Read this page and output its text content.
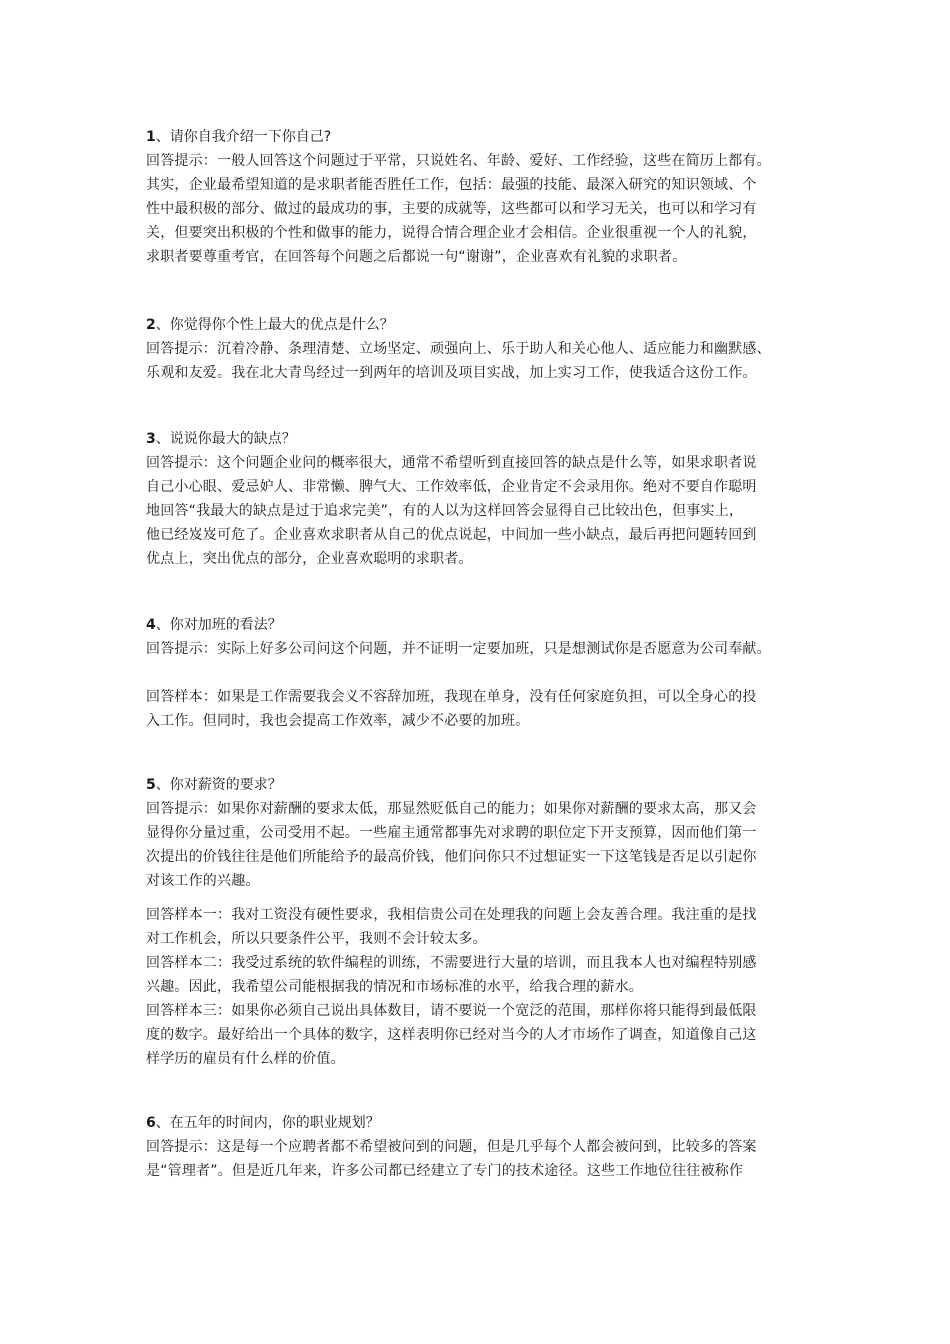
1、请你自我介绍一下你自己?

回答提示：一般人回答这个问题过于平常，只说姓名、年龄、爱好、工作经验，这些在简历上都有。

其实，企业最希望知道的是求职者能否胜任工作，包括：最强的技能、最深入研究的知识领域、个

性中最积极的部分、做过的最成功的事，主要的成就等，这些都可以和学习无关，也可以和学习有

关，但要突出积极的个性和做事的能力，说得合情合理企业才会相信。企业很重视一个人的礼貌，

求职者要尊重考官，在回答每个问题之后都说一句“谢谢”，企业喜欢有礼貌的求职者。

2、你觉得你个性上最大的优点是什么？

回答提示：沉着冷静、条理清楚、立场坚定、顽强向上、乐于助人和关心他人、适应能力和幽默感、

乐观和友爱。我在北大青鸟经过一到两年的培训及项目实战，加上实习工作，使我适合这份工作。

3、说说你最大的缺点？

回答提示：这个问题企业问的概率很大，通常不希望听到直接回答的缺点是什么等，如果求职者说

自己小心眼、爱忌妒人、非常懒、脾气大、工作效率低，企业肯定不会录用你。绝对不要自作聪明

地回答“我最大的缺点是过于追求完美”，有的人以为这样回答会显得自己比较出色，但事实上，

他已经岌岌可危了。企业喜欢求职者从自己的优点说起，中间加一些小缺点，最后再把问题转回到

优点上，突出优点的部分，企业喜欢聪明的求职者。

4、你对加班的看法？

回答提示：实际上好多公司问这个问题，并不证明一定要加班，只是想测试你是否愿意为公司奉献。

回答样本：如果是工作需要我会义不容辞加班，我现在单身，没有任何家庭负担，可以全身心的投

入工作。但同时，我也会提高工作效率，减少不必要的加班。

5、你对薪资的要求？

回答提示：如果你对薪酬的要求太低，那显然贬低自己的能力；如果你对薪酬的要求太高，那又会

显得你分量过重，公司受用不起。一些雇主通常都事先对求聘的职位定下开支预算，因而他们第一

次提出的价钱往往是他们所能给予的最高价钱，他们问你只不过想证实一下这笔钱是否足以引起你

对该工作的兴趣。

回答样本一：我对工资没有硬性要求，我相信贵公司在处理我的问题上会友善合理。我注重的是找

对工作机会，所以只要条件公平，我则不会计较太多。

回答样本二：我受过系统的软件编程的训练，不需要进行大量的培训，而且我本人也对编程特别感

兴趣。因此，我希望公司能根据我的情况和市场标准的水平，给我合理的薪水。

回答样本三：如果你必须自己说出具体数目，请不要说一个宽泛的范围，那样你将只能得到最低限

度的数字。最好给出一个具体的数字，这样表明你已经对当今的人才市场作了调查，知道像自己这

样学历的雇员有什么样的价值。

6、在五年的时间内，你的职业规划？

回答提示：这是每一个应聘者都不希望被问到的问题，但是几乎每个人都会被问到，比较多的答案

是“管理者”。但是近几年来，许多公司都已经建立了专门的技术途径。这些工作地位往往被称作
